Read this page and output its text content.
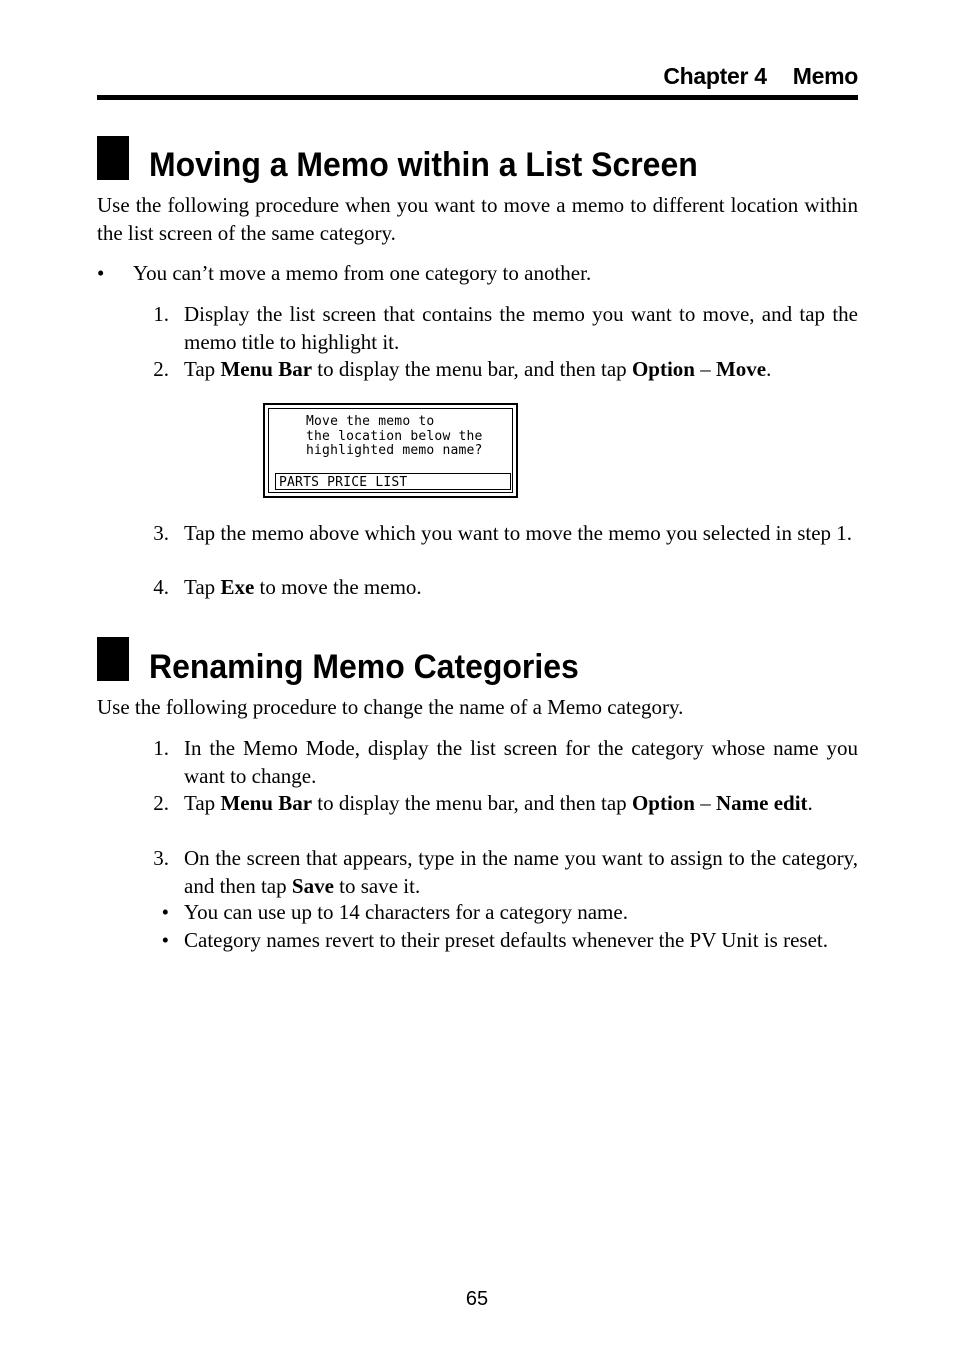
Chapter 4 Memo
Moving a Memo within a List Screen
Use the following procedure when you want to move a memo to different location within the list screen of the same category.
• You can’t move a memo from one category to another.
1. Display the list screen that contains the memo you want to move, and tap the memo title to highlight it.
2. Tap Menu Bar to display the menu bar, and then tap Option – Move.
Move the memo to
the location below the
highlighted memo name?
PARTS PRICE LIST
3. Tap the memo above which you want to move the memo you selected in step 1.
4. Tap Exe to move the memo.
Renaming Memo Categories
Use the following procedure to change the name of a Memo category.
1. In the Memo Mode, display the list screen for the category whose name you want to change.
2. Tap Menu Bar to display the menu bar, and then tap Option – Name edit.
3. On the screen that appears, type in the name you want to assign to the category, and then tap Save to save it.
• You can use up to 14 characters for a category name.
• Category names revert to their preset defaults whenever the PV Unit is reset.
65
